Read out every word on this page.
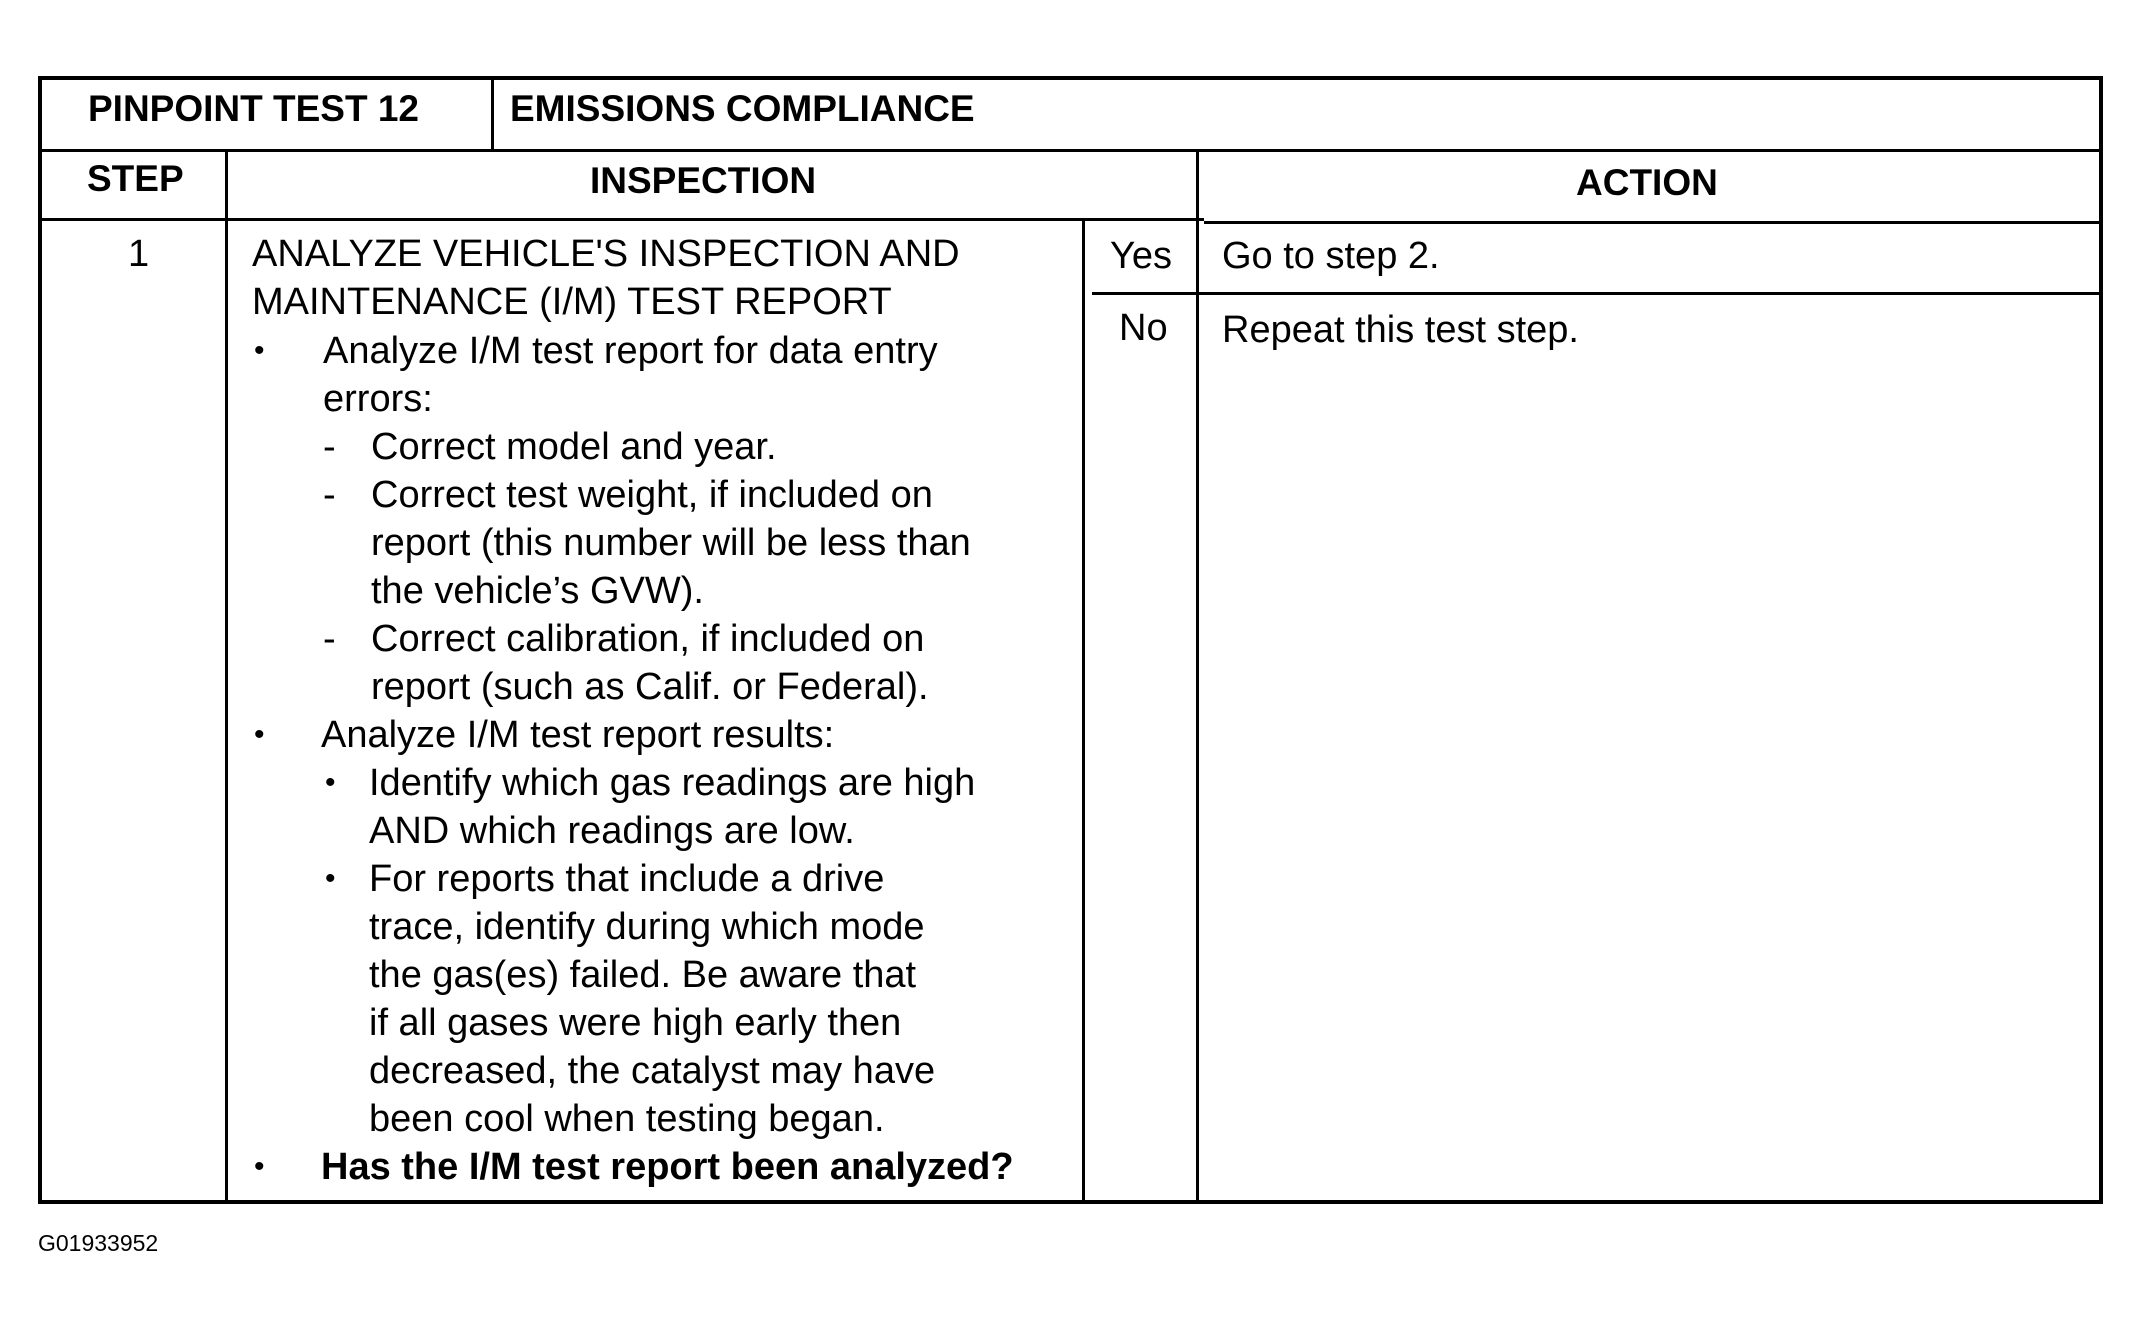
PINPOINT TEST 12 EMISSIONS COMPLIANCE
STEP	INSPECTION	ACTION
1	ANALYZE VEHICLE'S INSPECTION AND
MAINTENANCE (I/M) TEST REPORT
• Analyze I/M test report for data entry
errors:
- Correct model and year.
- Correct test weight, if included on
report (this number will be less than
the vehicle’s GVW).
- Correct calibration, if included on
report (such as Calif. or Federal).
• Analyze I/M test report results:
• Identify which gas readings are high
AND which readings are low.
• For reports that include a drive
trace, identify during which mode
the gas(es) failed. Be aware that
if all gases were high early then
decreased, the catalyst may have
been cool when testing began.
• Has the I/M test report been analyzed?
Yes Go to step 2.
No Repeat this test step.
G01933952
